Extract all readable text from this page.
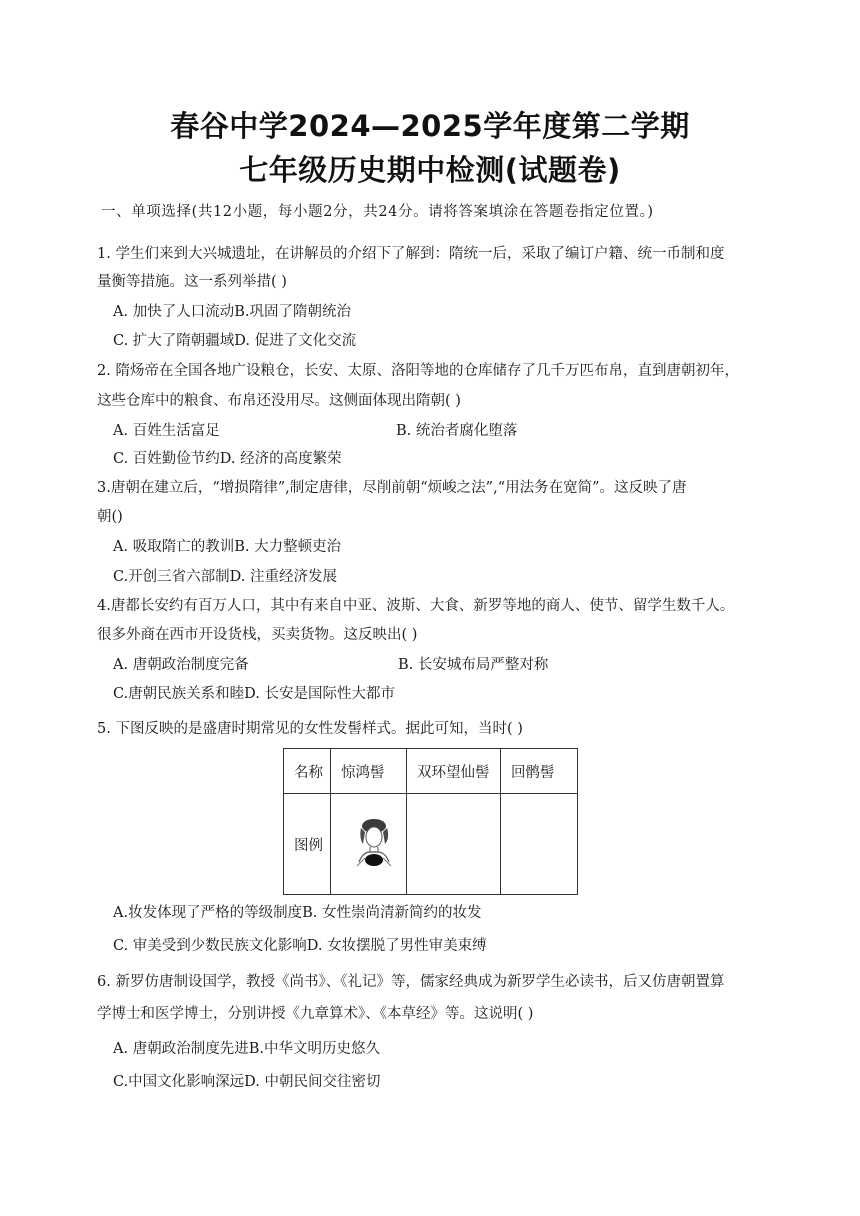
春谷中学2024—2025学年度第二学期
七年级历史期中检测(试题卷)
一、单项选择(共12小题，每小题2分，共24分。请将答案填涂在答题卷指定位置。)
1. 学生们来到大兴城遗址，在讲解员的介绍下了解到：隋统一后，采取了编订户籍、统一币制和度
量衡等措施。这一系列举措( )
A. 加快了人口流动B.巩固了隋朝统治
C. 扩大了隋朝疆域D. 促进了文化交流
2. 隋炀帝在全国各地广设粮仓，长安、太原、洛阳等地的仓库储存了几千万匹布帛，直到唐朝初年，
这些仓库中的粮食、布帛还没用尽。这侧面体现出隋朝( )
A. 百姓生活富足	B. 统治者腐化堕落
C. 百姓勤俭节约D. 经济的高度繁荣
3.唐朝在建立后，“增损隋律”,制定唐律，尽削前朝“烦峻之法”,“用法务在宽简”。这反映了唐
朝()
A. 吸取隋亡的教训B. 大力整顿吏治
C.开创三省六部制D. 注重经济发展
4.唐都长安约有百万人口，其中有来自中亚、波斯、大食、新罗等地的商人、使节、留学生数千人。
很多外商在西市开设货栈，买卖货物。这反映出( )
A. 唐朝政治制度完备	B. 长安城布局严整对称
C.唐朝民族关系和睦D. 长安是国际性大都市
5. 下图反映的是盛唐时期常见的女性发髻样式。据此可知，当时( )
名称	惊鸿髻	双环望仙髻	回鹘髻
图例			
A.妆发体现了严格的等级制度B. 女性崇尚清新简约的妆发
C. 审美受到少数民族文化影响D. 女妆摆脱了男性审美束缚
6. 新罗仿唐制设国学，教授《尚书》、《礼记》等，儒家经典成为新罗学生必读书，后又仿唐朝置算
学博士和医学博士，分别讲授《九章算术》、《本草经》等。这说明( )
A. 唐朝政治制度先进B.中华文明历史悠久
C.中国文化影响深远D. 中朝民间交往密切
